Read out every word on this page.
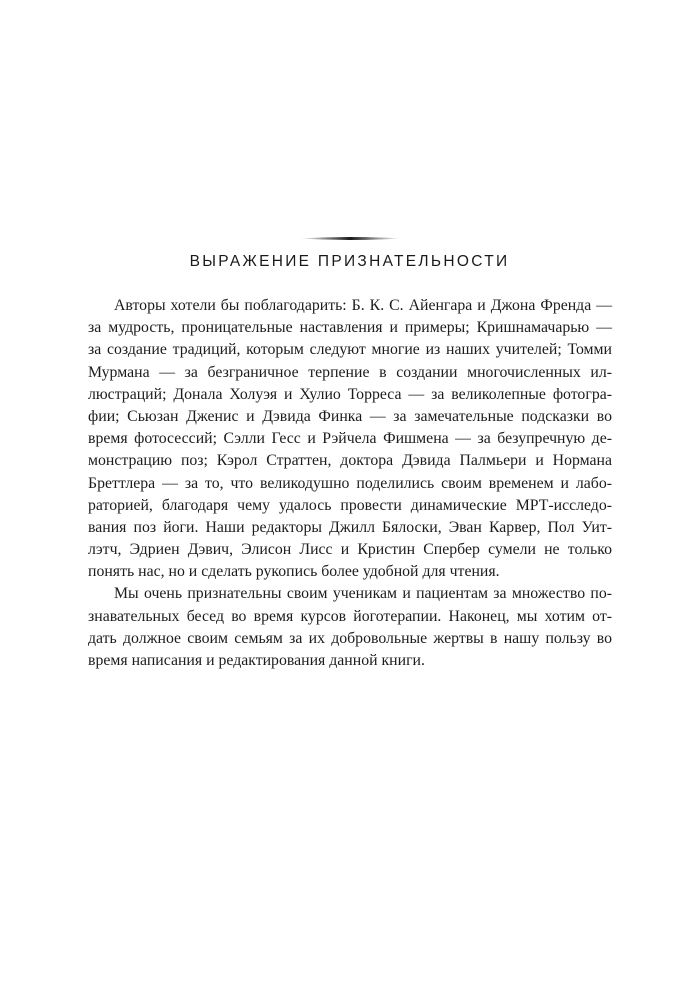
ВЫРАЖЕНИЕ ПРИЗНАТЕЛЬНОСТИ

Авторы хотели бы поблагодарить: Б. К. С. Айенгара и Джона Френда —
за мудрость, проницательные наставления и примеры; Кришнамачарью —
за создание традиций, которым следуют многие из наших учителей; Томми
Мурмана — за безграничное терпение в создании многочисленных ил-
люстраций; Донала Холуэя и Хулио Торреса — за великолепные фотогра-
фии; Сьюзан Дженис и Дэвида Финка — за замечательные подсказки во
время фотосессий; Сэлли Гесс и Рэйчела Фишмена — за безупречную де-
монстрацию поз; Кэрол Страттен, доктора Дэвида Палмьери и Нормана
Бреттлера — за то, что великодушно поделились своим временем и лабо-
раторией, благодаря чему удалось провести динамические МРТ-исследо-
вания поз йоги. Наши редакторы Джилл Бялоски, Эван Карвер, Пол Уит-
лэтч, Эдриен Дэвич, Элисон Лисс и Кристин Спербер сумели не только
понять нас, но и сделать рукопись более удобной для чтения.

Мы очень признательны своим ученикам и пациентам за множество по-
знавательных бесед во время курсов йоготерапии. Наконец, мы хотим от-
дать должное своим семьям за их добровольные жертвы в нашу пользу во
время написания и редактирования данной книги.
